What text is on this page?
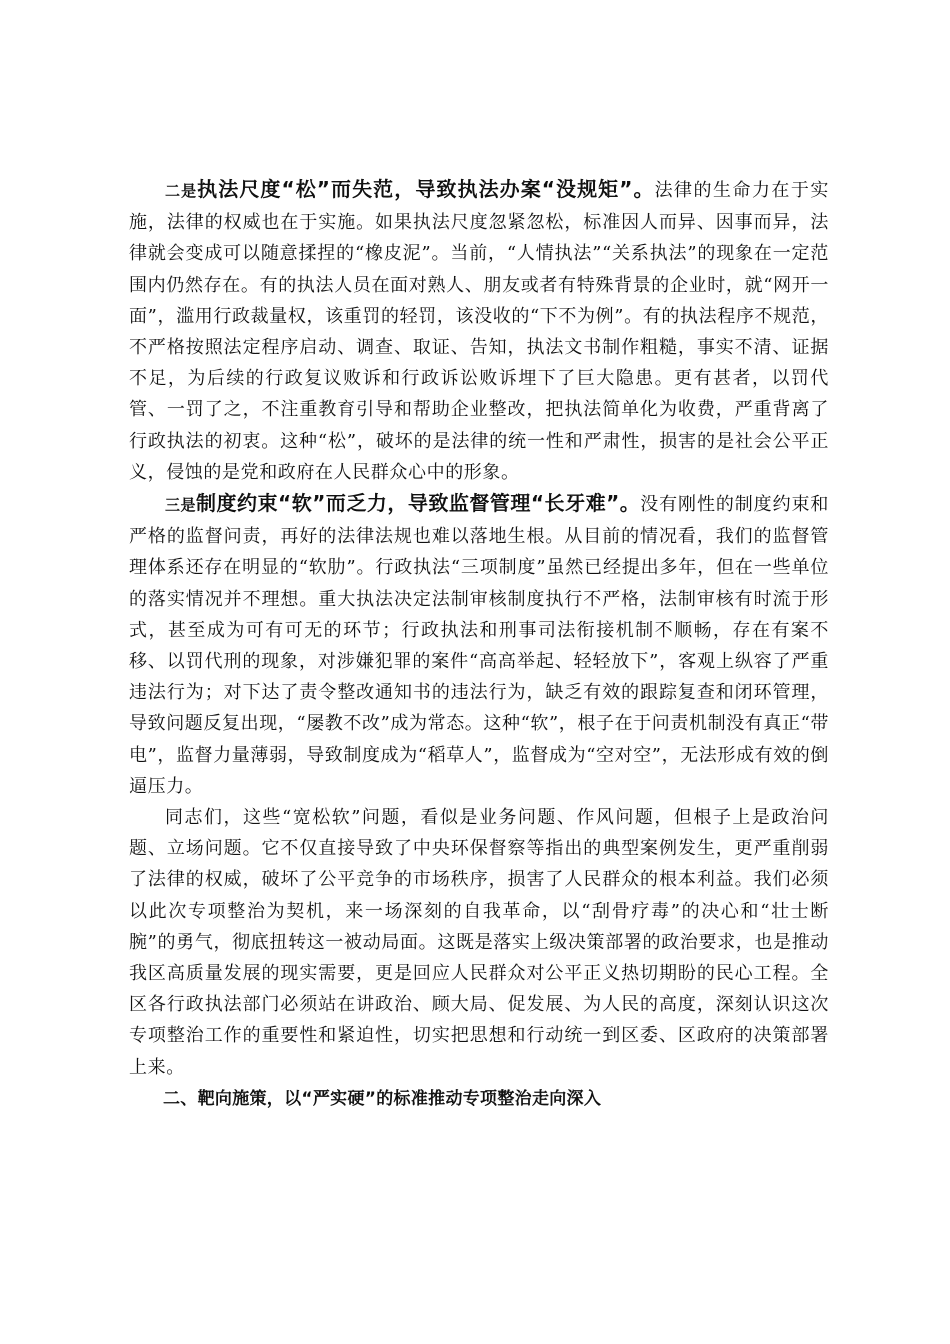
二是执法尺度“松”而失范，导致执法办案“没规矩”。法律的生命力在于实施，法律的权威也在于实施。如果执法尺度忽紧忽松，标准因人而异、因事而异，法律就会变成可以随意揉捏的“橡皮泥”。当前，“人情执法”“关系执法”的现象在一定范围内仍然存在。有的执法人员在面对熟人、朋友或者有特殊背景的企业时，就“网开一面”，滥用行政裁量权，该重罚的轻罚，该没收的“下不为例”。有的执法程序不规范，不严格按照法定程序启动、调查、取证、告知，执法文书制作粗糙，事实不清、证据不足，为后续的行政复议败诉和行政诉讼败诉埋下了巨大隐患。更有甚者，以罚代管、一罚了之，不注重教育引导和帮助企业整改，把执法简单化为收费，严重背离了行政执法的初衷。这种“松”，破坏的是法律的统一性和严肃性，损害的是社会公平正义，侵蚀的是党和政府在人民群众心中的形象。

三是制度约束“软”而乏力，导致监督管理“长牙难”。没有刚性的制度约束和严格的监督问责，再好的法律法规也难以落地生根。从目前的情况看，我们的监督管理体系还存在明显的“软肋”。行政执法“三项制度”虽然已经提出多年，但在一些单位的落实情况并不理想。重大执法决定法制审核制度执行不严格，法制审核有时流于形式，甚至成为可有可无的环节；行政执法和刑事司法衔接机制不顺畅，存在有案不移、以罚代刑的现象，对涉嫌犯罪的案件“高高举起、轻轻放下”，客观上纵容了严重违法行为；对下达了责令整改通知书的违法行为，缺乏有效的跟踪复查和闭环管理，导致问题反复出现，“屡教不改”成为常态。这种“软”，根子在于问责机制没有真正“带电”，监督力量薄弱，导致制度成为“稻草人”，监督成为“空对空”，无法形成有效的倒逼压力。

同志们，这些“宽松软”问题，看似是业务问题、作风问题，但根子上是政治问题、立场问题。它不仅直接导致了中央环保督察等指出的典型案例发生，更严重削弱了法律的权威，破坏了公平竞争的市场秩序，损害了人民群众的根本利益。我们必须以此次专项整治为契机，来一场深刻的自我革命，以“刮骨疗毒”的决心和“壮士断腕”的勇气，彻底扭转这一被动局面。这既是落实上级决策部署的政治要求，也是推动我区高质量发展的现实需要，更是回应人民群众对公平正义热切期盼的民心工程。全区各行政执法部门必须站在讲政治、顾大局、促发展、为人民的高度，深刻认识这次专项整治工作的重要性和紧迫性，切实把思想和行动统一到区委、区政府的决策部署上来。

二、靶向施策，以“严实硬”的标准推动专项整治走向深入
